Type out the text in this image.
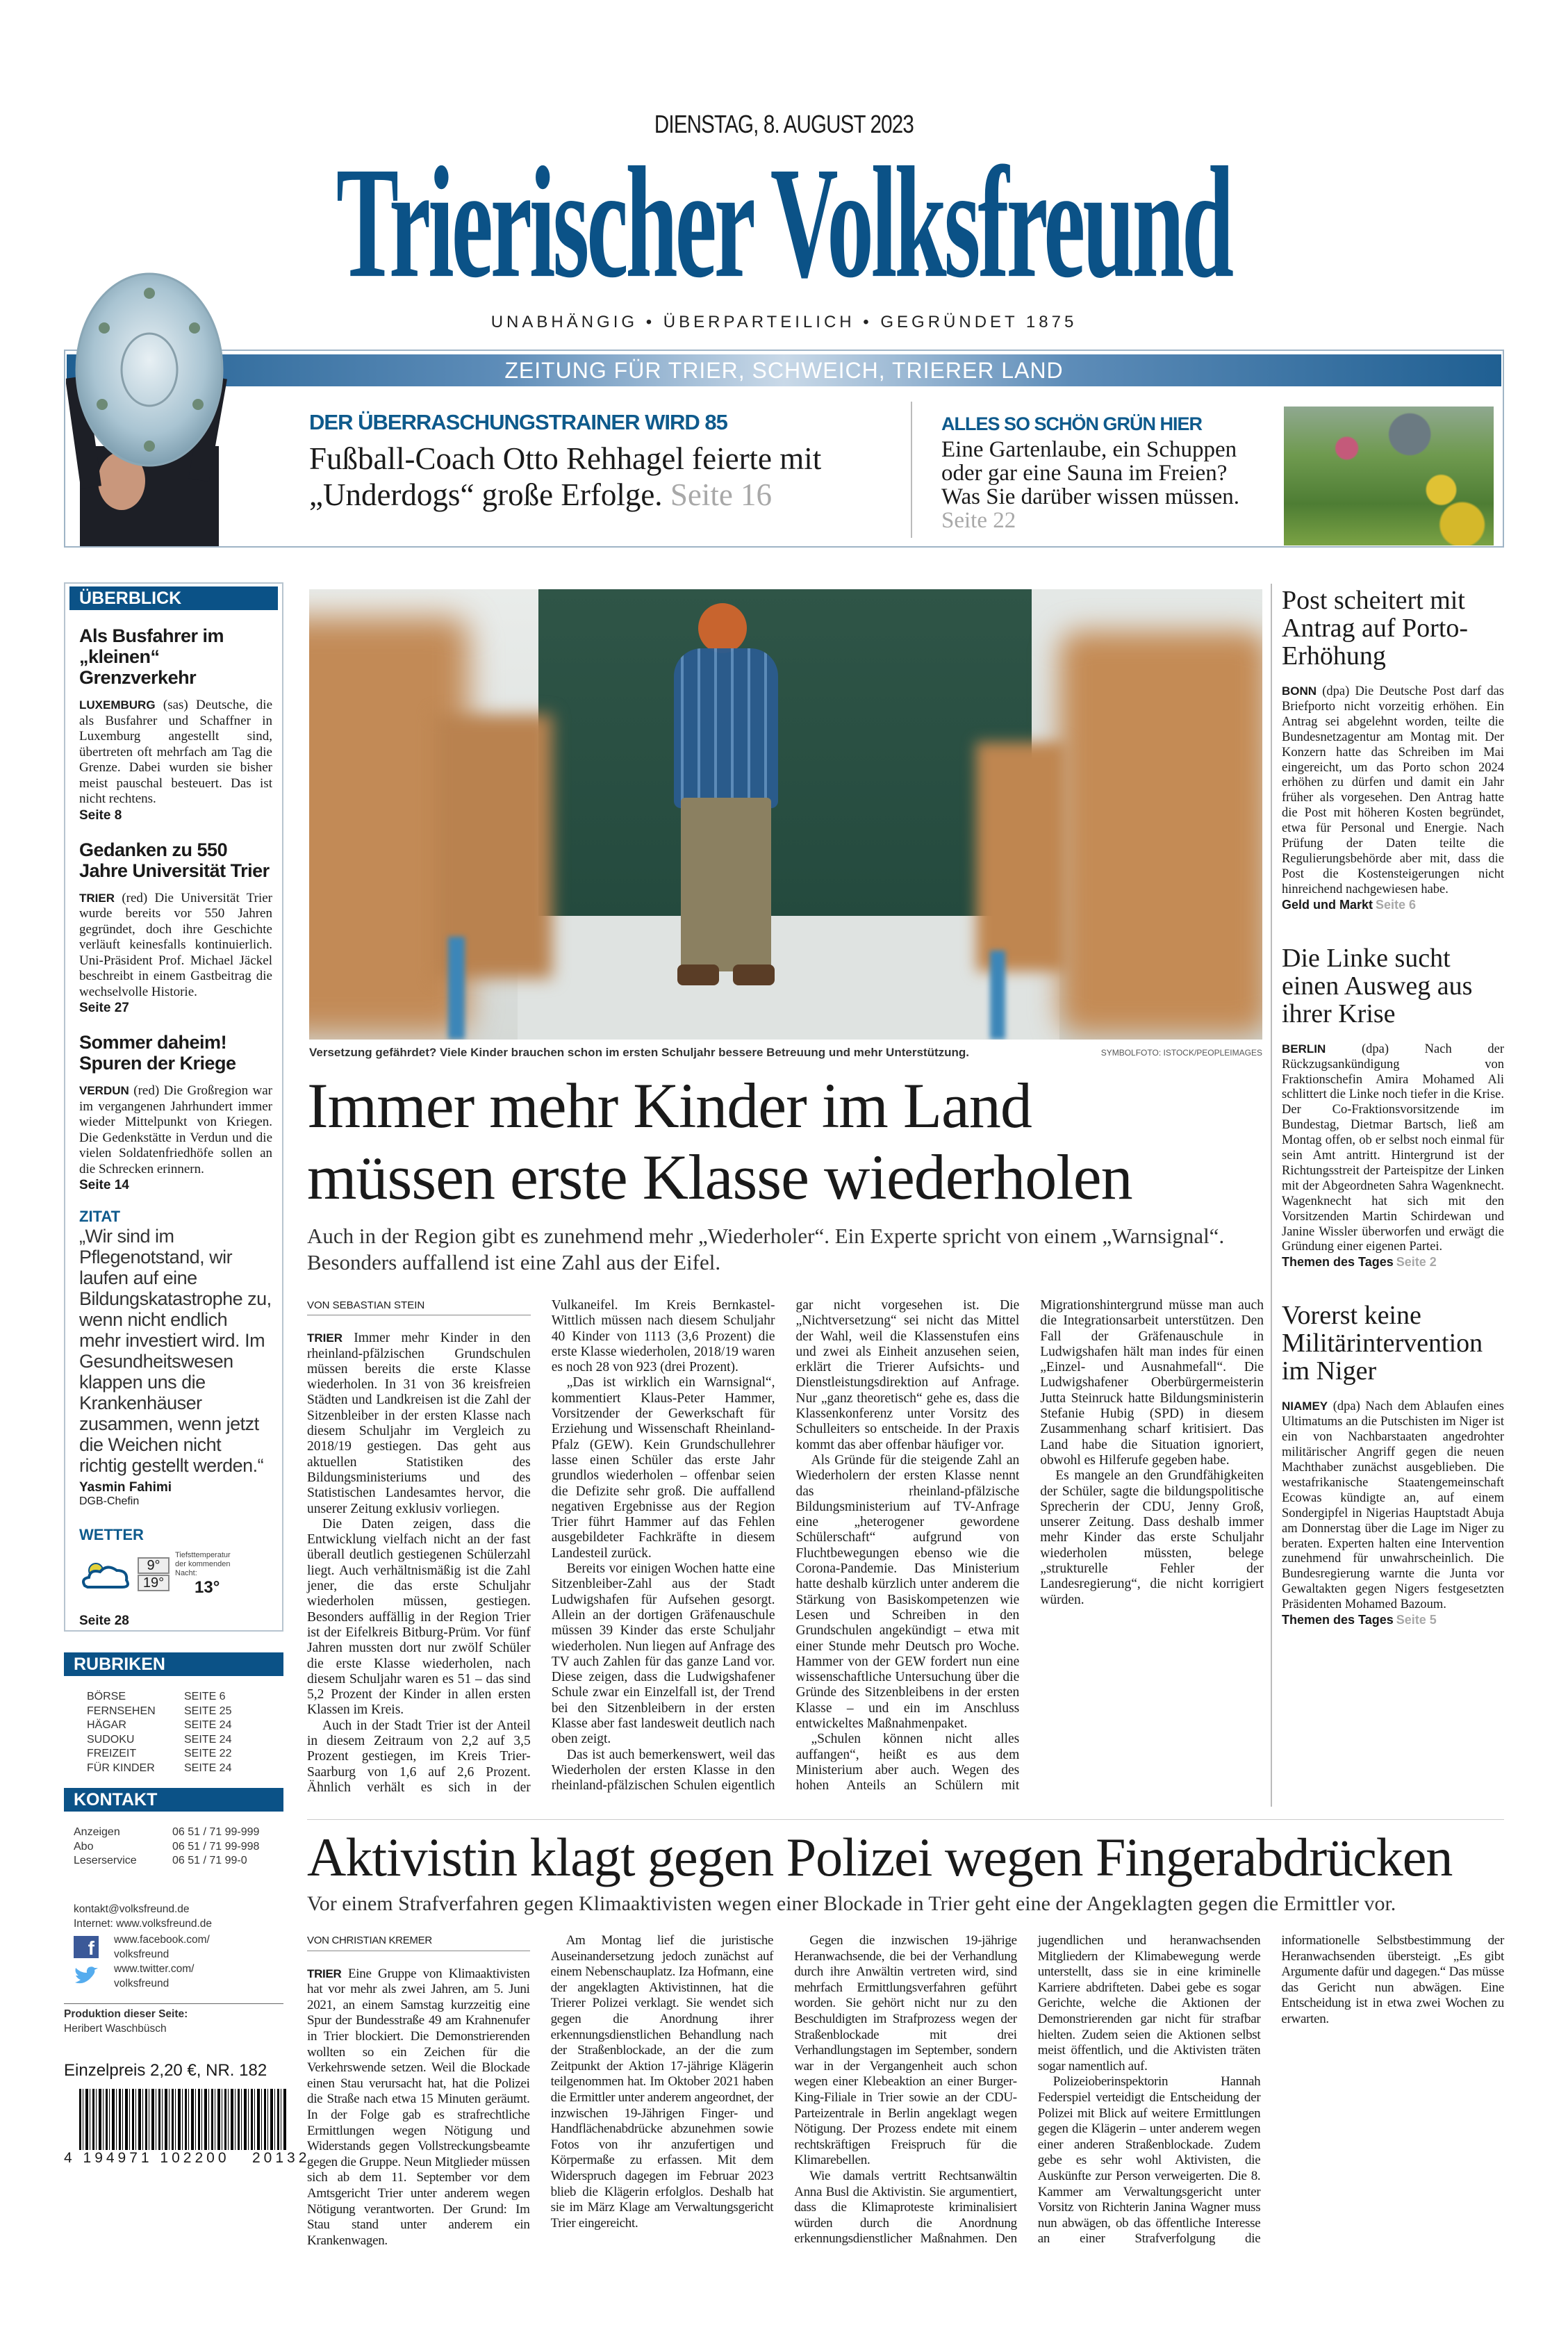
DIENSTAG, 8. AUGUST 2023
Trierischer Volksfreund
UNABHÄNGIG • ÜBERPARTEILICH • GEGRÜNDET 1875
ZEITUNG FÜR TRIER, SCHWEICH, TRIERER LAND
DER ÜBERRASCHUNGSTRAINER WIRD 85
Fußball-Coach Otto Rehhagel feierte mit „Underdogs“ große Erfolge. Seite 16
ALLES SO SCHÖN GRÜN HIER
Eine Gartenlaube, ein Schuppen oder gar eine Sauna im Freien? Was Sie darüber wissen müssen. Seite 22
ÜBERBLICK
Als Busfahrer im „kleinen“ Grenzverkehr
LUXEMBURG (sas) Deutsche, die als Busfahrer und Schaffner in Luxemburg angestellt sind, übertreten oft mehrfach am Tag die Grenze. Dabei wurden sie bisher meist pauschal besteuert. Das ist nicht rechtens.
Seite 8
Gedanken zu 550 Jahre Universität Trier
TRIER (red) Die Universität Trier wurde bereits vor 550 Jahren gegründet, doch ihre Geschichte verläuft keinesfalls kontinuierlich. Uni-Präsident Prof. Michael Jäckel beschreibt in einem Gastbeitrag die wechselvolle Historie.
Seite 27
Sommer daheim! Spuren der Kriege
VERDUN (red) Die Großregion war im vergangenen Jahrhundert immer wieder Mittelpunkt von Kriegen. Die Gedenkstätte in Verdun und die vielen Soldatenfriedhöfe sollen an die Schrecken erinnern.
Seite 14
ZITAT
„Wir sind im Pflegenotstand, wir laufen auf eine Bildungskatastrophe zu, wenn nicht endlich mehr investiert wird. Im Gesundheitswesen klappen uns die Krankenhäuser zusammen, wenn jetzt die Weichen nicht richtig gestellt werden.“
Yasmin Fahimi
DGB-Chefin
WETTER
9°
19°
Tiefsttemperatur der kommenden Nacht:
13°
Seite 28
RUBRIKEN
BÖRSE	SEITE 6
FERNSEHEN	SEITE 25
HÄGAR	SEITE 24
SUDOKU	SEITE 24
FREIZEIT	SEITE 22
FÜR KINDER	SEITE 24
KONTAKT
Anzeigen	06 51 / 71 99-999
Abo	06 51 / 71 99-998
Leserservice	06 51 / 71 99-0
kontakt@volksfreund.de
Internet: www.volksfreund.de
f	www.facebook.com/
volksfreund
www.twitter.com/
volksfreund
Produktion dieser Seite:
Heribert Waschbüsch
Einzelpreis 2,20 €, NR. 182
4 194971 102200   20132
Versetzung gefährdet? Viele Kinder brauchen schon im ersten Schuljahr bessere Betreuung und mehr Unterstützung.	SYMBOLFOTO: ISTOCK/PEOPLEIMAGES
Immer mehr Kinder im Land
müssen erste Klasse wiederholen
Auch in der Region gibt es zunehmend mehr „Wiederholer“. Ein Experte spricht von einem „Warnsignal“. Besonders auffallend ist eine Zahl aus der Eifel.
VON SEBASTIAN STEIN

TRIER Immer mehr Kinder in den rheinland-pfälzischen Grundschulen müssen bereits die erste Klasse wiederholen. In 31 von 36 kreisfreien Städten und Landkreisen ist die Zahl der Sitzenbleiber in der ersten Klasse nach diesem Schuljahr im Vergleich zu 2018/19 gestiegen. Das geht aus aktuellen Statistiken des Bildungsministeriums und des Statistischen Landesamtes hervor, die unserer Zeitung exklusiv vorliegen.

Die Daten zeigen, dass die Entwicklung vielfach nicht an der fast überall deutlich gestiegenen Schülerzahl liegt. Auch verhältnismäßig ist die Zahl jener, die das erste Schuljahr wiederholen müssen, gestiegen. Besonders auffällig in der Region Trier ist der Eifelkreis Bitburg-Prüm. Vor fünf Jahren mussten dort nur zwölf Schüler die erste Klasse wiederholen, nach diesem Schuljahr waren es 51 – das sind 5,2 Prozent der Kinder in allen ersten Klassen im Kreis.

Auch in der Stadt Trier ist der Anteil in diesem Zeitraum von 2,2 auf 3,5 Prozent gestiegen, im Kreis Trier-Saarburg von 1,6 auf 2,6 Prozent. Ähnlich verhält es sich in der Vulkaneifel. Im Kreis Bernkastel-Wittlich müssen nach diesem Schuljahr 40 Kinder von 1113 (3,6 Prozent) die erste Klasse wiederholen, 2018/19 waren es noch 28 von 923 (drei Prozent).

„Das ist wirklich ein Warnsignal“, kommentiert Klaus-Peter Hammer, Vorsitzender der Gewerkschaft für Erziehung und Wissenschaft Rheinland-Pfalz (GEW). Kein Grundschullehrer lasse einen Schüler das erste Jahr grundlos wiederholen – offenbar seien die Defizite sehr groß. Die auffallend negativen Ergebnisse aus der Region Trier führt Hammer auf das Fehlen ausgebildeter Fachkräfte in diesem Landesteil zurück.

Bereits vor einigen Wochen hatte eine Sitzenbleiber-Zahl aus der Stadt Ludwigshafen für Aufsehen gesorgt. Allein an der dortigen Gräfenauschule müssen 39 Kinder das erste Schuljahr wiederholen. Nun liegen auf Anfrage des TV auch Zahlen für das ganze Land vor. Diese zeigen, dass die Ludwigshafener Schule zwar ein Einzelfall ist, der Trend bei den Sitzenbleibern in der ersten Klasse aber fast landesweit deutlich nach oben zeigt.

Das ist auch bemerkenswert, weil das Wiederholen der ersten Klasse in den rheinland-pfälzischen Schulen eigentlich gar nicht vorgesehen ist. Die „Nichtversetzung“ sei nicht das Mittel der Wahl, weil die Klassenstufen eins und zwei als Einheit anzusehen seien, erklärt die Trierer Aufsichts- und Dienstleistungsdirektion auf Anfrage. Nur „ganz theoretisch“ gehe es, dass die Klassenkonferenz unter Vorsitz des Schulleiters so entscheide. In der Praxis kommt das aber offenbar häufiger vor.

Als Gründe für die steigende Zahl an Wiederholern der ersten Klasse nennt das rheinland-pfälzische Bildungsministerium auf TV-Anfrage eine „heterogener gewordene Schülerschaft“ aufgrund von Fluchtbewegungen ebenso wie die Corona-Pandemie. Das Ministerium hatte deshalb kürzlich unter anderem die Stärkung von Basiskompetenzen wie Lesen und Schreiben in den Grundschulen angekündigt – etwa mit einer Stunde mehr Deutsch pro Woche. Hammer von der GEW fordert nun eine wissenschaftliche Untersuchung über die Gründe des Sitzenbleibens in der ersten Klasse – und ein im Anschluss entwickeltes Maßnahmenpaket.

„Schulen können nicht alles auffangen“, heißt es aus dem Ministerium aber auch. Wegen des hohen Anteils an Schülern mit Migrationshintergrund müsse man auch die Integrationsarbeit unterstützen. Den Fall der Gräfenauschule in Ludwigshafen hält man indes für einen „Einzel- und Ausnahmefall“. Die Ludwigshafener Oberbürgermeisterin Jutta Steinruck hatte Bildungsministerin Stefanie Hubig (SPD) in diesem Zusammenhang scharf kritisiert. Das Land habe die Situation ignoriert, obwohl es Hilferufe gegeben habe.

Es mangele an den Grundfähigkeiten der Schüler, sagte die bildungspolitische Sprecherin der CDU, Jenny Groß, unserer Zeitung. Dass deshalb immer mehr Kinder das erste Schuljahr wiederholen müssten, belege „strukturelle Fehler der Landesregierung“, die nicht korrigiert würden.

Post scheitert mit Antrag auf Porto-Erhöhung
BONN (dpa) Die Deutsche Post darf das Briefporto nicht vorzeitig erhöhen. Ein Antrag sei abgelehnt worden, teilte die Bundesnetzagentur am Montag mit. Der Konzern hatte das Schreiben im Mai eingereicht, um das Porto schon 2024 erhöhen zu dürfen und damit ein Jahr früher als vorgesehen. Den Antrag hatte die Post mit höheren Kosten begründet, etwa für Personal und Energie. Nach Prüfung der Daten teilte die Regulierungsbehörde aber mit, dass die Post die Kostensteigerungen nicht hinreichend nachgewiesen habe.
Geld und Markt Seite 6
Die Linke sucht einen Ausweg aus ihrer Krise
BERLIN	(dpa) Nach der Rückzugsankündigung von Fraktionschefin Amira Mohamed Ali schlittert die Linke noch tiefer in die Krise. Der Co-Fraktionsvorsitzende im Bundestag, Dietmar Bartsch, ließ am Montag offen, ob er selbst noch einmal für sein Amt antritt. Hintergrund ist der Richtungsstreit der Parteispitze der Linken mit der Abgeordneten Sahra Wagenknecht. Wagenknecht hat sich mit den Vorsitzenden Martin Schirdewan und Janine Wissler überworfen und erwägt die Gründung einer eigenen Partei.
Themen des Tages Seite 2
Vorerst keine Militärintervention im Niger
NIAMEY (dpa) Nach dem Ablaufen eines Ultimatums an die Putschisten im Niger ist ein von Nachbarstaaten angedrohter militärischer Angriff gegen die neuen Machthaber zunächst ausgeblieben. Die westafrikanische Staatengemeinschaft Ecowas kündigte an, auf einem Sondergipfel in Nigerias Hauptstadt Abuja am Donnerstag über die Lage im Niger zu beraten. Experten halten eine Intervention zunehmend für unwahrscheinlich. Die Bundesregierung warnte die Junta vor Gewaltakten gegen Nigers festgesetzten Präsidenten Mohamed Bazoum.
Themen des Tages Seite 5
Aktivistin klagt gegen Polizei wegen Fingerabdrücken
Vor einem Strafverfahren gegen Klimaaktivisten wegen einer Blockade in Trier geht eine der Angeklagten gegen die Ermittler vor.
VON CHRISTIAN KREMER

TRIER Eine Gruppe von Klimaaktivisten hat vor mehr als zwei Jahren, am 5. Juni 2021, an einem Samstag kurzzeitig eine Spur der Bundesstraße 49 am Krahnenufer in Trier blockiert. Die Demonstrierenden wollten so ein Zeichen für die Verkehrswende setzen. Weil die Blockade einen Stau verursacht hat, hat die Polizei die Straße nach etwa 15 Minuten geräumt. In der Folge gab es strafrechtliche Ermittlungen wegen Nötigung und Widerstands gegen Vollstreckungsbeamte gegen die Gruppe. Neun Mitglieder müssen sich ab dem 11. September vor dem Amtsgericht Trier unter anderem wegen Nötigung verantworten. Der Grund: Im Stau stand unter anderem ein Krankenwagen.

Am Montag lief die juristische Auseinandersetzung jedoch zunächst auf einem Nebenschauplatz. Iza Hofmann, eine der angeklagten Aktivistinnen, hat die Trierer Polizei verklagt. Sie wendet sich gegen die Anordnung ihrer erkennungsdienstlichen Behandlung nach der Straßenblockade, an der die zum Zeitpunkt der Aktion 17-jährige Klägerin teilgenommen hat. Im Oktober 2021 haben die Ermittler unter anderem angeordnet, der inzwischen 19-Jährigen Finger- und Handflächenabdrücke abzunehmen sowie Fotos von ihr anzufertigen und Körpermaße zu erfassen. Mit dem Widerspruch dagegen im Februar 2023 blieb die Klägerin erfolglos. Deshalb hat sie im März Klage am Verwaltungsgericht Trier eingereicht.

Gegen die inzwischen 19-jährige Heranwachsende, die bei der Verhandlung durch ihre Anwältin vertreten wird, sind mehrfach Ermittlungsverfahren geführt worden. Sie gehört nicht nur zu den Beschuldigten im Strafprozess wegen der Straßenblockade mit drei Verhandlungstagen im September, sondern war in der Vergangenheit auch schon wegen einer Klebeaktion an einer Burger-King-Filiale in Trier sowie an der CDU-Parteizentrale in Berlin angeklagt wegen Nötigung. Der Prozess endete mit einem rechtskräftigen Freispruch für die Klimarebellen.

Wie damals vertritt Rechtsanwältin Anna Busl die Aktivistin. Sie argumentiert, dass die Klimaproteste kriminalisiert würden durch die Anordnung erkennungsdienstlicher Maßnahmen. Den jugendlichen und heranwachsenden Mitgliedern der Klimabewegung werde unterstellt, dass sie in eine kriminelle Karriere abdrifteten. Dabei gebe es sogar Gerichte, welche die Aktionen der Demonstrierenden gar nicht für strafbar hielten. Zudem seien die Aktionen selbst meist öffentlich, und die Aktivisten träten sogar namentlich auf.

Polizeioberinspektorin Hannah Federspiel verteidigt die Entscheidung der Polizei mit Blick auf weitere Ermittlungen gegen die Klägerin – unter anderem wegen einer anderen Straßenblockade. Zudem gebe es sehr wohl Aktivisten, die Auskünfte zur Person verweigerten. Die 8. Kammer am Verwaltungsgericht unter Vorsitz von Richterin Janina Wagner muss nun abwägen, ob das öffentliche Interesse an einer Strafverfolgung die informationelle Selbstbestimmung der Heranwachsenden übersteigt. „Es gibt Argumente dafür und dagegen.“ Das müsse das Gericht nun abwägen. Eine Entscheidung ist in etwa zwei Wochen zu erwarten.
